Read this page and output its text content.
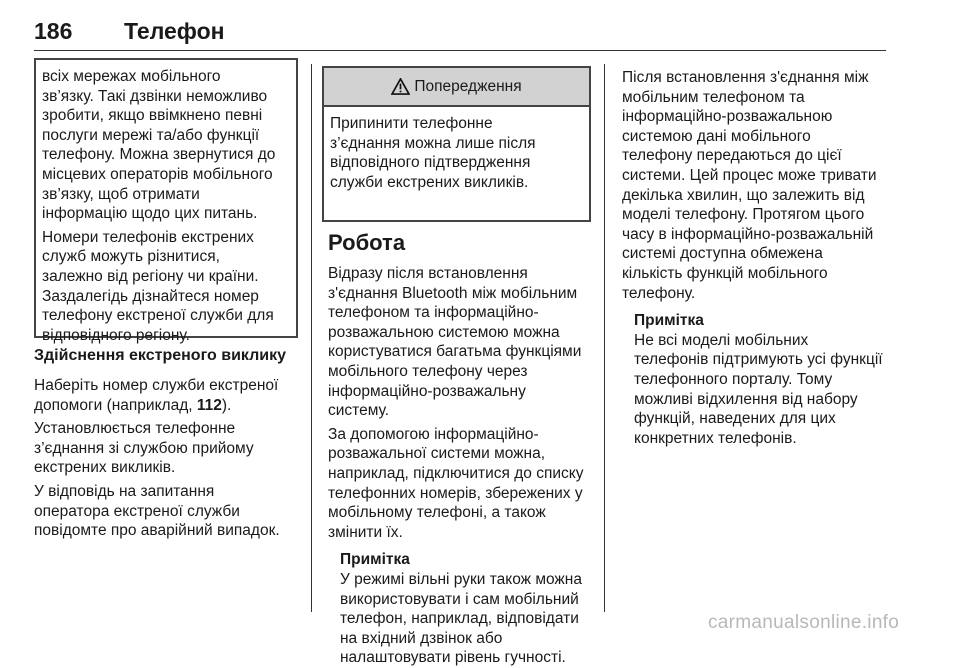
186 Телефон

всіх мережах мобільного
зв’язку. Такі дзвінки неможливо
зробити, якщо ввімкнено певні
послуги мережі та/або функції
телефону. Можна звернутися до
місцевих операторів мобільного
зв’язку, щоб отримати
інформацію щодо цих питань.

Номери телефонів екстрених
служб можуть різнитися,
залежно від регіону чи країни.
Заздалегідь дізнайтеся номер
телефону екстреної служби для
відповідного регіону.

Здійснення екстреного виклику

Наберіть номер служби екстреної
допомоги (наприклад, 112).

Установлюється телефонне
з’єднання зі службою прийому
екстрених викликів.

У відповідь на запитання
оператора екстреної служби
повідомте про аварійний випадок.

Попередження

Припинити телефонне
з’єднання можна лише після
відповідного підтвердження
служби екстрених викликів.

Робота

Відразу після встановлення
з'єднання Bluetooth між мобільним
телефоном та інформаційно-
розважальною системою можна
користуватися багатьма функціями
мобільного телефону через
інформаційно-розважальну
систему.

За допомогою інформаційно-
розважальної системи можна,
наприклад, підключитися до списку
телефонних номерів, збережених у
мобільному телефоні, а також
змінити їх.

Примітка
У режимі вільні руки також можна
використовувати і сам мобільний
телефон, наприклад, відповідати
на вхідний дзвінок або
налаштовувати рівень гучності.

Після встановлення з'єднання між
мобільним телефоном та
інформаційно-розважальною
системою дані мобільного
телефону передаються до цієї
системи. Цей процес може тривати
декілька хвилин, що залежить від
моделі телефону. Протягом цього
часу в інформаційно-розважальній
системі доступна обмежена
кількість функцій мобільного
телефону.

Примітка
Не всі моделі мобільних
телефонів підтримують усі функції
телефонного порталу. Тому
можливі відхилення від набору
функцій, наведених для цих
конкретних телефонів.
carmanualsonline.info
